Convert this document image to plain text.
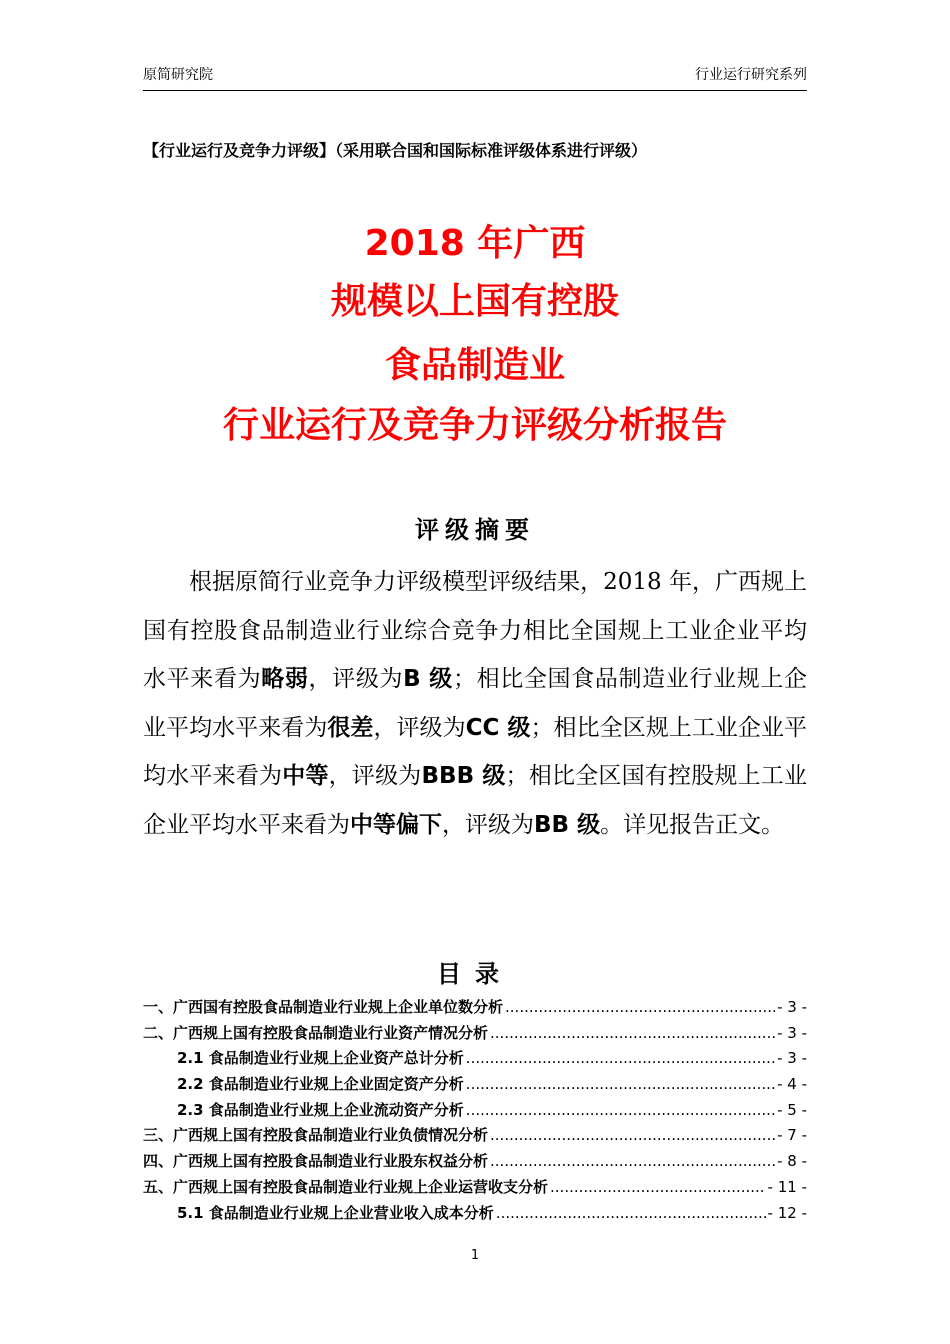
原简研究院	行业运行研究系列
【行业运行及竞争力评级】（采用联合国和国际标准评级体系进行评级）
2018 年广西
规模以上国有控股
食品制造业
行业运行及竞争力评级分析报告
评级摘要

根据原简行业竞争力评级模型评级结果，2018 年，广西规上国有控股食品制造业行业综合竞争力相比全国规上工业企业平均水平来看为略弱，评级为B 级；相比全国食品制造业行业规上企业平均水平来看为很差，评级为CC 级；相比全区规上工业企业平均水平来看为中等，评级为BBB 级；相比全区国有控股规上工业企业平均水平来看为中等偏下，评级为BB 级。详见报告正文。

目录
一、广西国有控股食品制造业行业规上企业单位数分析 .....	- 3 -
二、广西规上国有控股食品制造业行业资产情况分析 .....	- 3 -
2.1 食品制造业行业规上企业资产总计分析 .....	- 3 -
2.2 食品制造业行业规上企业固定资产分析 .....	- 4 -
2.3 食品制造业行业规上企业流动资产分析 .....	- 5 -
三、广西规上国有控股食品制造业行业负债情况分析 .....	- 7 -
四、广西规上国有控股食品制造业行业股东权益分析 .....	- 8 -
五、广西规上国有控股食品制造业行业规上企业运营收支分析 .....	- 11 -
5.1 食品制造业行业规上企业营业收入成本分析 .....	- 12 -
1
